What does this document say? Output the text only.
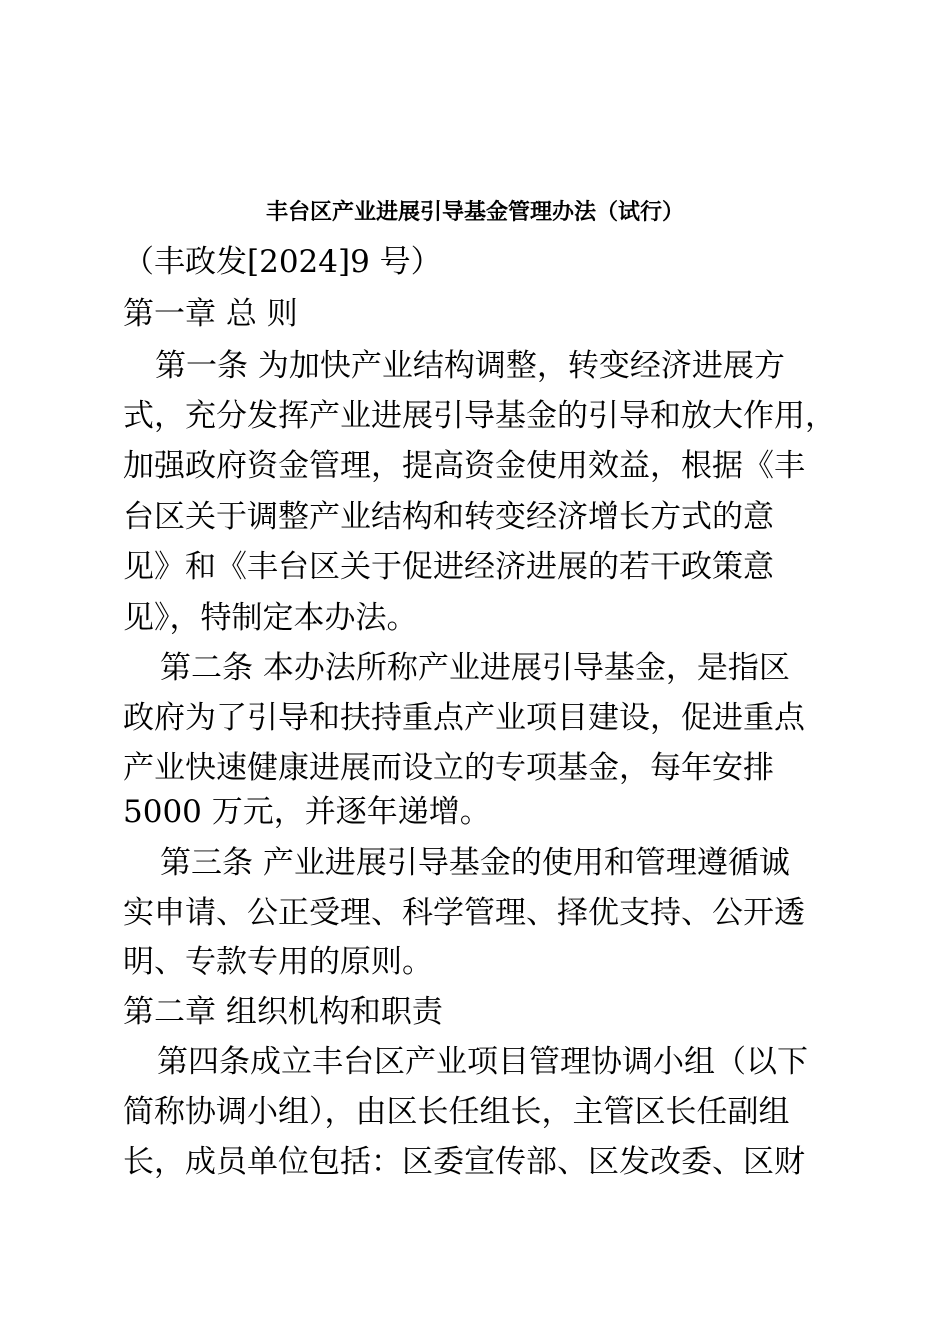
丰台区产业进展引导基金管理办法（试行）
（丰政发[2024]9 号）
第一章 总 则
第一条 为加快产业结构调整，转变经济进展方
式，充分发挥产业进展引导基金的引导和放大作用，
加强政府资金管理，提高资金使用效益，根据《丰
台区关于调整产业结构和转变经济增长方式的意
见》和《丰台区关于促进经济进展的若干政策意
见》，特制定本办法。
第二条 本办法所称产业进展引导基金，是指区
政府为了引导和扶持重点产业项目建设，促进重点
产业快速健康进展而设立的专项基金，每年安排
5000 万元，并逐年递增。
第三条 产业进展引导基金的使用和管理遵循诚
实申请、公正受理、科学管理、择优支持、公开透
明、专款专用的原则。
第二章 组织机构和职责
第四条成立丰台区产业项目管理协调小组（以下
简称协调小组），由区长任组长，主管区长任副组
长，成员单位包括：区委宣传部、区发改委、区财
